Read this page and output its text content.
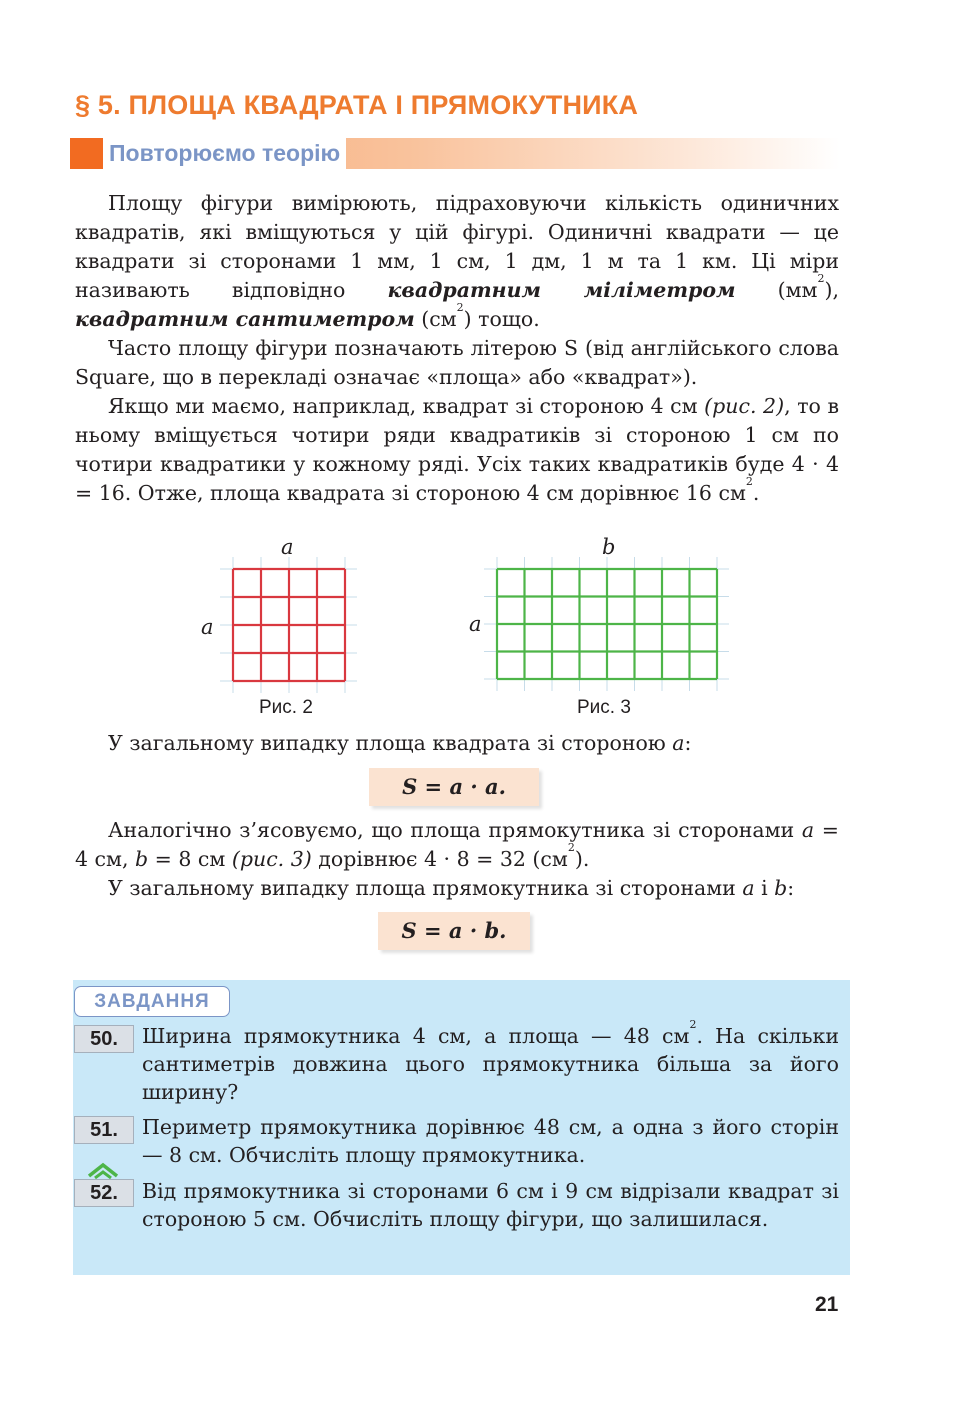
§ 5. ПЛОЩА КВАДРАТА І ПРЯМОКУТНИКА
Повторюємо теорію

Площу фігури вимірюють, підраховуючи кількість одиничних квадратів, які вміщуються у цій фігурі. Одиничні квадрати — це квадрати зі сторонами 1 мм, 1 см, 1 дм, 1 м та 1 км. Ці міри називають відповідно квадратним міліметром $(мм^2)$, квадратним сантиметром $(см^2)$ тощо.

Часто площу фігури позначають літерою S (від англійського слова Square, що в перекладі означає «площа» або «квадрат»).

Якщо ми маємо, наприклад, квадрат зі стороною 4 см (рис. 2), то в ньому вміщується чотири ряди квадратиків зі стороною 1 см по чотири квадратики у кожному ряді. Усіх таких квадратиків буде 4 · 4 = 16. Отже, площа квадрата зі стороною 4 см дорівнює 16 $см^2$.

a
a
Рис. 2
b
a
Рис. 3

У загальному випадку площа квадрата зі стороною a:

S = a · a.

Аналогічно з’ясовуємо, що площа прямокутника зі сторонами a = 4 см, b = 8 см (рис. 3) дорівнює 4 · 8 = 32 $(см^2)$.

У загальному випадку площа прямокутника зі сторонами a і b:

S = a · b.
ЗАВДАННЯ
50.	Ширина прямокутника 4 см, а площа — 48 $см^2$. На скільки сантиметрів довжина цього прямокутника більша за його ширину?
51.	Периметр прямокутника дорівнює 48 см, а одна з його сторін — 8 см. Обчисліть площу прямокутника.
52.	Від прямокутника зі сторонами 6 см і 9 см відрізали квадрат зі стороною 5 см. Обчисліть площу фігури, що залишилася.
21
